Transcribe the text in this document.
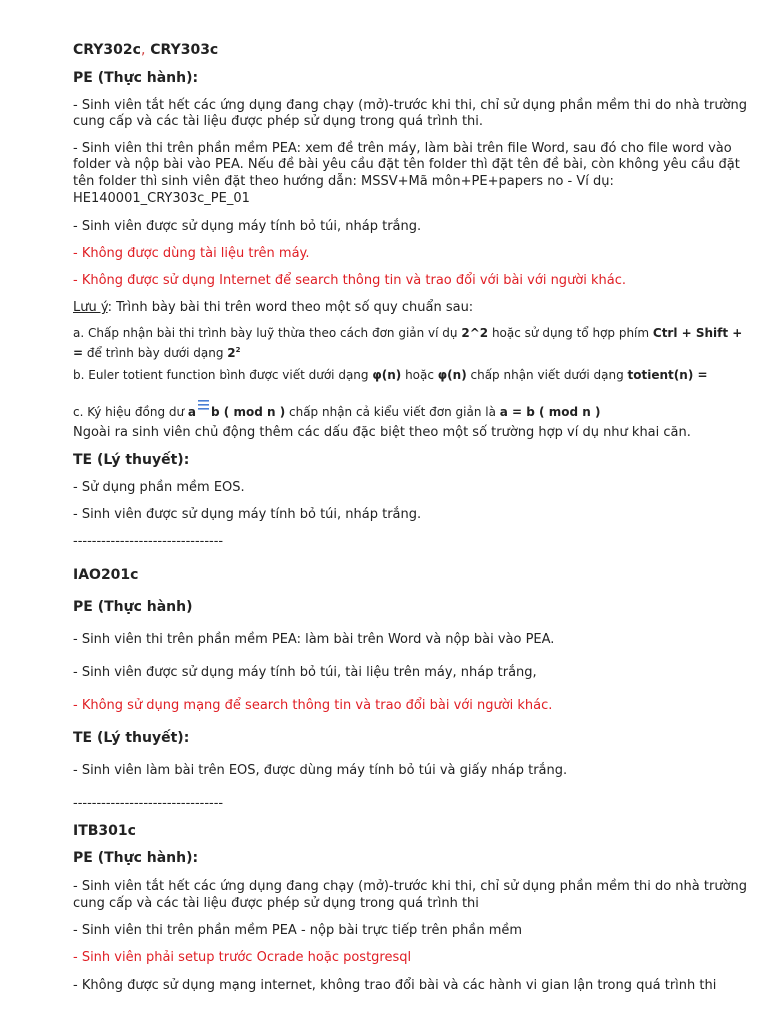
CRY302c, CRY303c
PE (Thực hành):
- Sinh viên tắt hết các ứng dụng đang chạy (mở)-trước khi thi, chỉ sử dụng phần mềm thi do nhà trường
cung cấp và các tài liệu được phép sử dụng trong quá trình thi.
- Sinh viên thi trên phần mềm PEA: xem đề trên máy, làm bài trên file Word, sau đó cho file word vào
folder và nộp bài vào PEA. Nếu đề bài yêu cầu đặt tên folder thì đặt tên đề bài, còn không yêu cầu đặt
tên folder thì sinh viên đặt theo hướng dẫn: MSSV+Mã môn+PE+papers no - Ví dụ:
HE140001_CRY303c_PE_01
- Sinh viên được sử dụng máy tính bỏ túi, nháp trắng.
- Không được dùng tài liệu trên máy.
- Không được sử dụng Internet để search thông tin và trao đổi với bài với người khác.
Lưu ý: Trình bày bài thi trên word theo một số quy chuẩn sau:
a. Chấp nhận bài thi trình bày luỹ thừa theo cách đơn giản ví dụ 2^2 hoặc sử dụng tổ hợp phím Ctrl + Shift +
= để trình bày dưới dạng $2^2$
b. Euler totient function bình được viết dưới dạng φ(n) hoặc φ(n) chấp nhận viết dưới dạng totient(n) =
c. Ký hiệu đồng dư a b ( mod n ) chấp nhận cả kiểu viết đơn giản là a = b ( mod n )
Ngoài ra sinh viên chủ động thêm các dấu đặc biệt theo một số trường hợp ví dụ như khai căn.
TE (Lý thuyết):
- Sử dụng phần mềm EOS.
- Sinh viên được sử dụng máy tính bỏ túi, nháp trắng.
--------------------------------
IAO201c
PE (Thực hành)
- Sinh viên thi trên phần mềm PEA: làm bài trên Word và nộp bài vào PEA.
- Sinh viên được sử dụng máy tính bỏ túi, tài liệu trên máy, nháp trắng,
- Không sử dụng mạng để search thông tin và trao đổi bài với người khác.
TE (Lý thuyết):
- Sinh viên làm bài trên EOS, được dùng máy tính bỏ túi và giấy nháp trắng.
--------------------------------
ITB301c
PE (Thực hành):
- Sinh viên tắt hết các ứng dụng đang chạy (mở)-trước khi thi, chỉ sử dụng phần mềm thi do nhà trường
cung cấp và các tài liệu được phép sử dụng trong quá trình thi
- Sinh viên thi trên phần mềm PEA - nộp bài trực tiếp trên phần mềm
- Sinh viên phải setup trước Ocrade hoặc postgresql
- Không được sử dụng mạng internet, không trao đổi bài và các hành vi gian lận trong quá trình thi
